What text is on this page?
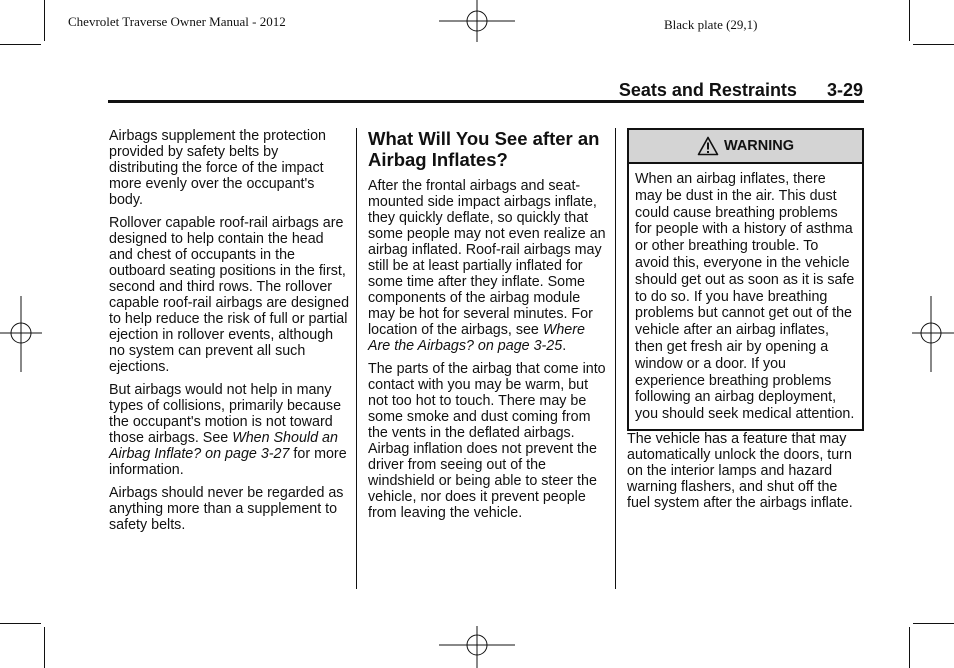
Chevrolet Traverse Owner Manual - 2012	Black plate (29,1)
Seats and Restraints 3-29

Airbags supplement the protection provided by safety belts by distributing the force of the impact more evenly over the occupant's body.

Rollover capable roof-rail airbags are designed to help contain the head and chest of occupants in the outboard seating positions in the first, second and third rows. The rollover capable roof-rail airbags are designed to help reduce the risk of full or partial ejection in rollover events, although no system can prevent all such ejections.

But airbags would not help in many types of collisions, primarily because the occupant's motion is not toward those airbags. See When Should an Airbag Inflate? on page 3-27 for more information.

Airbags should never be regarded as anything more than a supplement to safety belts.

What Will You See after an Airbag Inflates?

After the frontal airbags and seat-mounted side impact airbags inflate, they quickly deflate, so quickly that some people may not even realize an airbag inflated. Roof-rail airbags may still be at least partially inflated for some time after they inflate. Some components of the airbag module may be hot for several minutes. For location of the airbags, see Where Are the Airbags? on page 3-25.

The parts of the airbag that come into contact with you may be warm, but not too hot to touch. There may be some smoke and dust coming from the vents in the deflated airbags. Airbag inflation does not prevent the driver from seeing out of the windshield or being able to steer the vehicle, nor does it prevent people from leaving the vehicle.

WARNING
When an airbag inflates, there may be dust in the air. This dust could cause breathing problems for people with a history of asthma or other breathing trouble. To avoid this, everyone in the vehicle should get out as soon as it is safe to do so. If you have breathing problems but cannot get out of the vehicle after an airbag inflates, then get fresh air by opening a window or a door. If you experience breathing problems following an airbag deployment, you should seek medical attention.

The vehicle has a feature that may automatically unlock the doors, turn on the interior lamps and hazard warning flashers, and shut off the fuel system after the airbags inflate.
